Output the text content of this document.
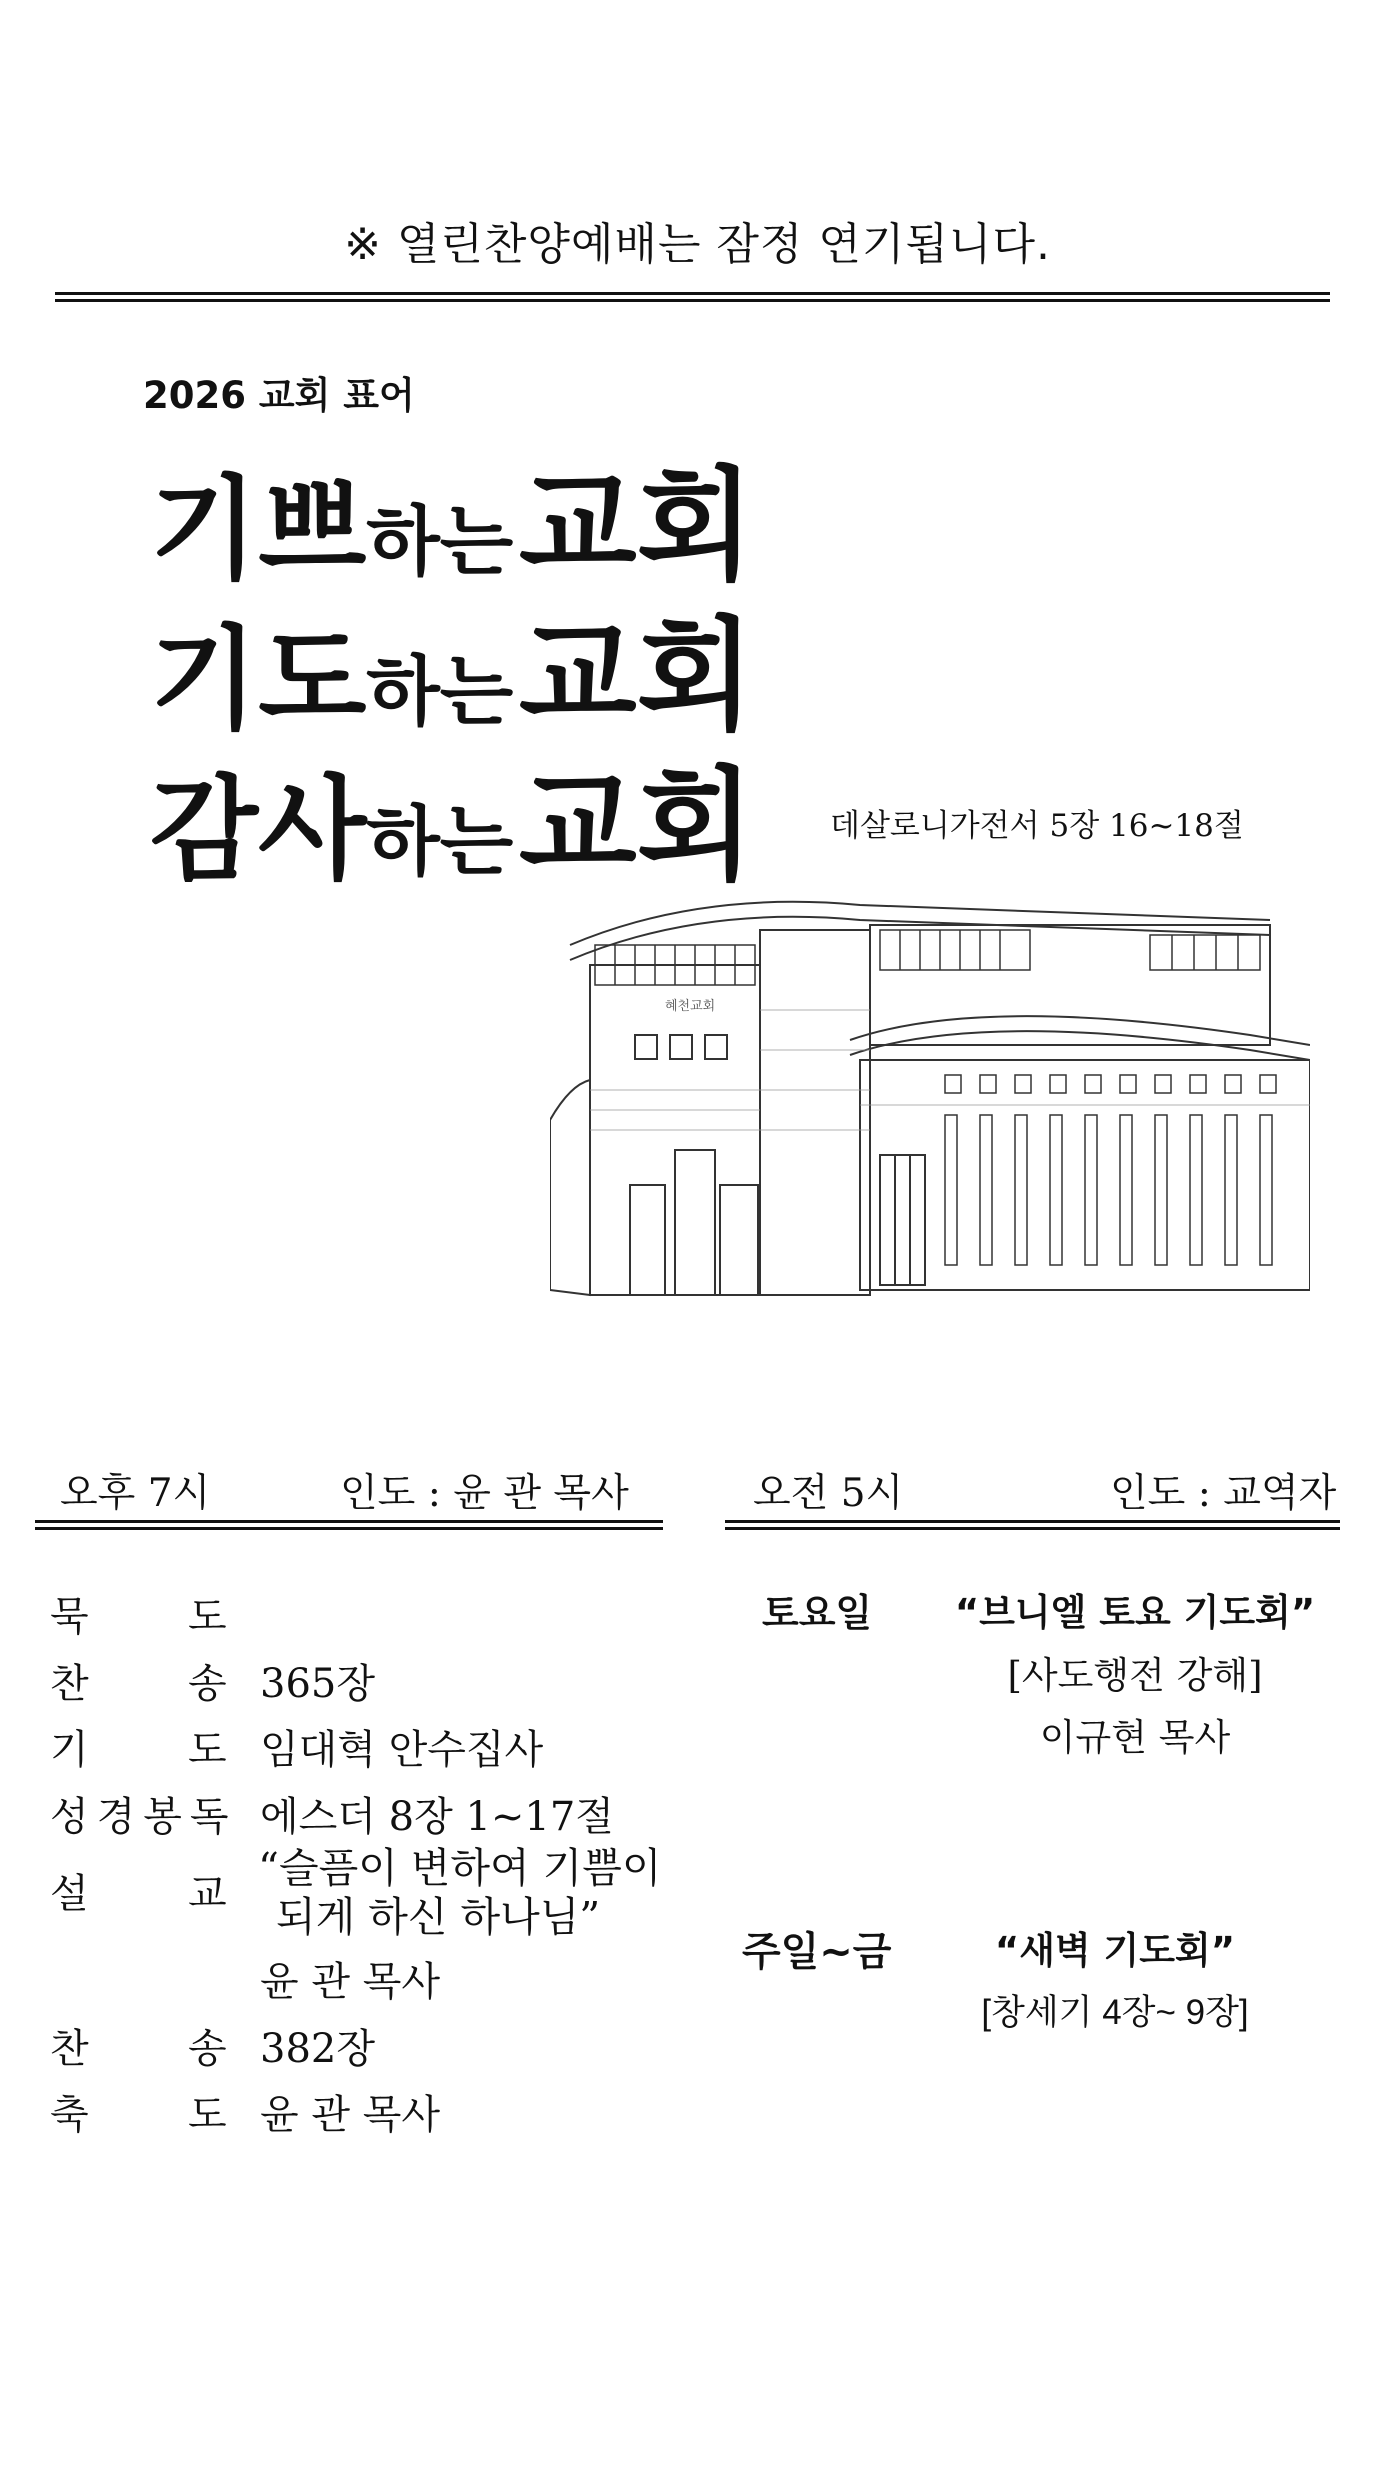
※ 열린찬양예배는 잠정 연기됩니다.
2026 교회 표어
기쁘하는 교회
기도하는 교회
감사하는 교회 데살로니가전서 5장 16~18절
혜천교회
오후 7시	인도 : 윤 관 목사	오전 5시	인도 : 교역자
묵 도
찬 송 365장
기 도 임대혁 안수집사
성 경 봉 독 에스더 8장 1~17절
설 교
“슬픔이 변하여 기쁨이
되게 하신 하나님”
윤 관 목사
찬 송 382장
축 도 윤 관 목사
토요일	“브니엘 토요 기도회”
[사도행전 강해]
이규현 목사
주일~금	“새벽 기도회”
[창세기 4장~ 9장]
